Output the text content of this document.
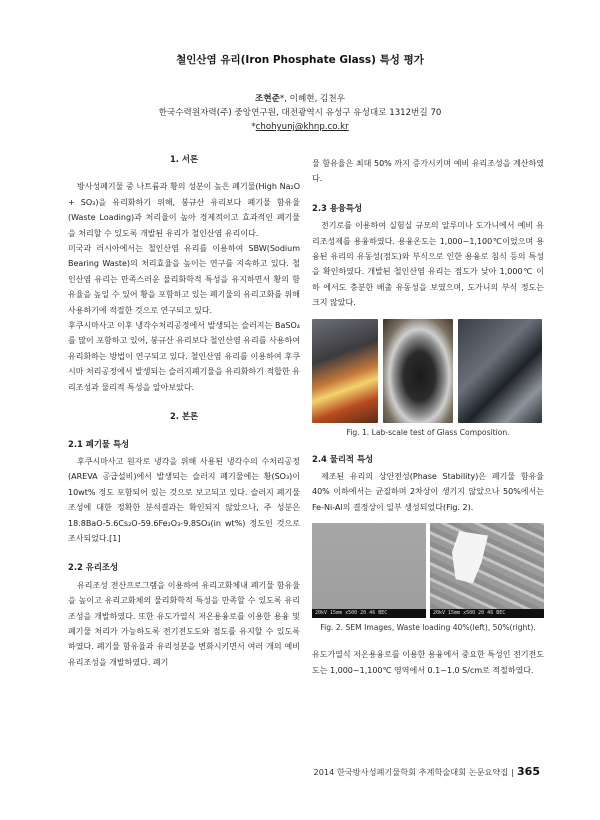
철인산염 유리(Iron Phosphate Glass) 특성 평가
조현준*, 이혜현, 김천우
한국수력원자력(주) 중앙연구원, 대전광역시 유성구 유성대로 1312번길 70
*chohyunj@khnp.co.kr
1. 서론

방사성폐기물 중 나트륨과 황의 성분이 높은 폐기물(High Na₂O + SO₃)을 유리화하기 위해, 붕규산 유리보다 폐기물 함유율(Waste Loading)과 처리율이 높아 경제적이고 효과적인 폐기물을 처리할 수 있도록 개발된 유리가 철인산염 유리이다.

미국과 러시아에서는 철인산염 유리를 이용하여 SBW(Sodium Bearing Waste)의 처리효율을 높이는 연구를 지속하고 있다. 철인산염 유리는 만족스러운 물리화학적 특성을 유지하면서 황의 함유율을 높일 수 있어 황을 포함하고 있는 폐기물의 유리고화를 위해 사용하기에 적절한 것으로 연구되고 있다.

후쿠시마사고 이후 냉각수처리공정에서 발생되는 슬러지는 BaSO₄를 많이 포함하고 있어, 붕규산 유리보다 철인산염 유리를 사용하여 유리화하는 방법이 연구되고 있다. 철인산염 유리를 이용하여 후쿠시마 처리공정에서 발생되는 슬러지폐기물을 유리화하기 적합한 유리조성과 물리적 특성을 알아보았다.

2. 본론
2.1 폐기물 특성

후쿠시마사고 원자로 냉각을 위해 사용된 냉각수의 수처리공정(AREVA 공급설비)에서 발생되는 슬러지 폐기물에는 황(SO₃)이 10wt% 정도 포함되어 있는 것으로 보고되고 있다. 슬러지 폐기물 조성에 대한 정확한 분석결과는 확인되지 않았으나, 주 성분은 18.8BaO-5.6Cs₂O-59.6Fe₂O₃-9.8SO₃(in wt%) 정도인 것으로 조사되었다.[1]

2.2 유리조성

유리조성 전산프로그램을 이용하여 유리고화체내 폐기물 함유율을 높이고 유리고화체의 물리화학적 특성을 만족할 수 있도록 유리조성을 개발하였다. 또한 유도가열식 저온용융로를 이용한 용융 및 폐기물 처리가 가능하도록 전기전도도와 점도를 유지할 수 있도록 하였다. 폐기물 함유율과 유리성분을 변화시키면서 여러 개의 예비 유리조성을 개발하였다. 폐기

물 함유율은 최대 50% 까지 증가시키며 예비 유리조성을 계산하였다.

2.3 용융특성

전기로를 이용하여 실험실 규모의 알루미나 도가니에서 예비 유리조성제를 용융하였다. 용융온도는 1,000~1,100℃이었으며 용융된 유리의 유동성(점도)와 부식으로 인한 용융로 침식 등의 특성을 확인하였다. 개발된 철인산염 유리는 점도가 낮아 1,000℃ 이하 에서도 충분한 배출 유동성을 보였으며, 도가니의 부식 정도는 크지 않았다.

Fig. 1. Lab-scale test of Glass Composition.
2.4 물리적 특성

제조된 유리의 상안전성(Phase Stability)은 폐기물 함유율 40% 이하에서는 균질하며 2차상이 생기지 않았으나 50%에서는 Fe-Ni-Al의 결정상이 일부 생성되었다(Fig. 2).

20kV 15mm x500 20 46 BEC	20kV 15mm x500 20 46 BEC
Fig. 2. SEM Images, Waste loading 40%(left), 50%(right).

유도가열식 저온용융로를 이용한 용융에서 중요한 특성인 전기전도도는 1,000~1,100℃ 영역에서 0.1~1.0 S/cm로 적절하였다.

2014 한국방사성폐기물학회 추계학술대회 논문요약집 | 365
